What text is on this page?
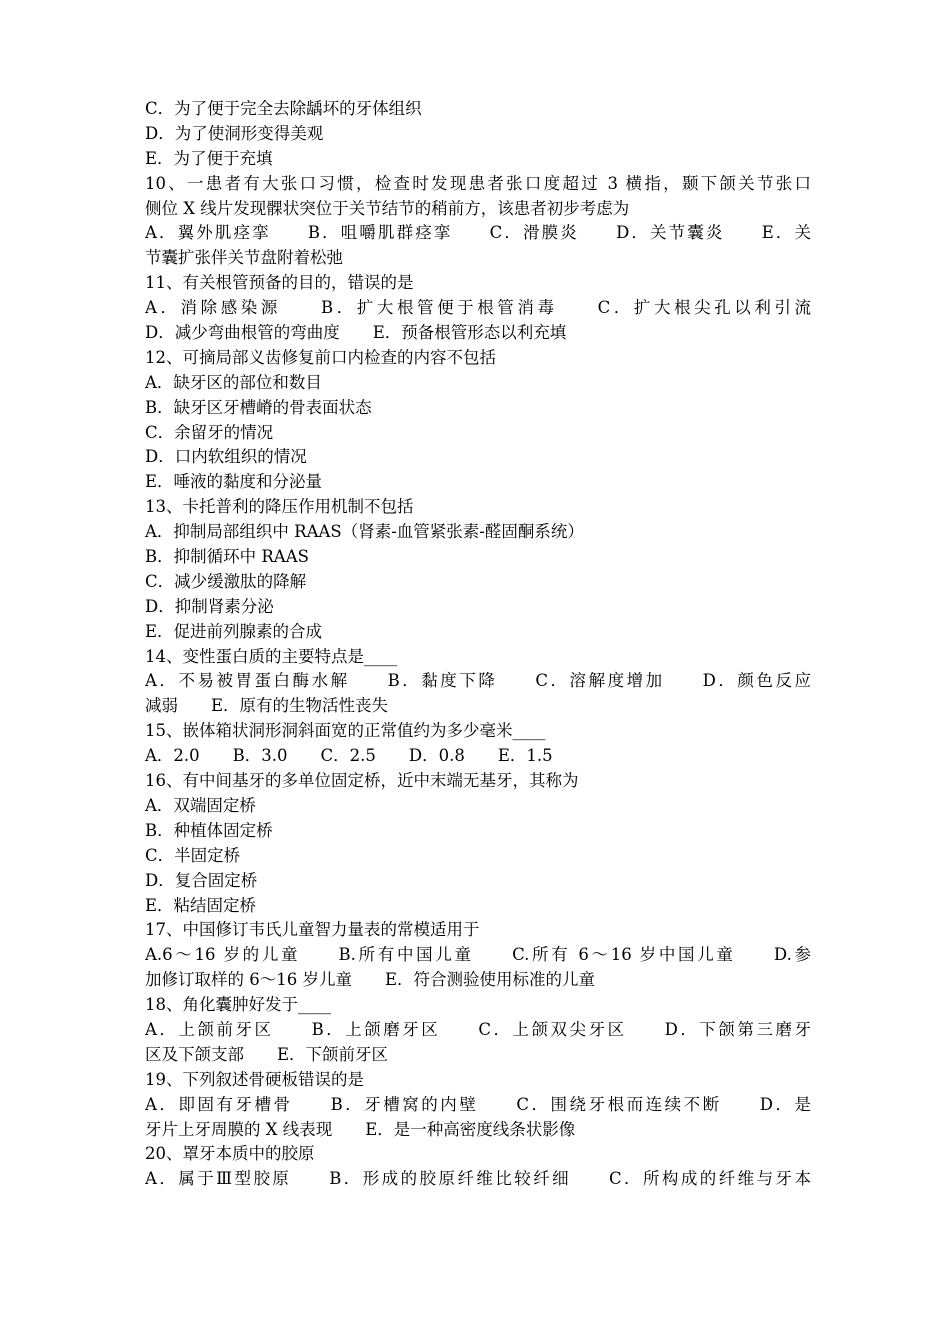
C．为了便于完全去除龋坏的牙体组织
D．为了使洞形变得美观
E．为了便于充填
10、一患者有大张口习惯，检查时发现患者张口度超过 3 横指，颞下颌关节张口
侧位 X 线片发现髁状突位于关节结节的稍前方，该患者初步考虑为
A．翼外肌痉挛　　B．咀嚼肌群痉挛　　C．滑膜炎　　D．关节囊炎　　E．关
节囊扩张伴关节盘附着松弛
11、有关根管预备的目的，错误的是
A．消除感染源　　B．扩大根管便于根管消毒　　C．扩大根尖孔以利引流
D．减少弯曲根管的弯曲度　　E．预备根管形态以利充填
12、可摘局部义齿修复前口内检查的内容不包括
A．缺牙区的部位和数目
B．缺牙区牙槽嵴的骨表面状态
C．余留牙的情况
D．口内软组织的情况
E．唾液的黏度和分泌量
13、卡托普利的降压作用机制不包括
A．抑制局部组织中 RAAS（肾素-血管紧张素-醛固酮系统）
B．抑制循环中 RAAS
C．减少缓激肽的降解
D．抑制肾素分泌
E．促进前列腺素的合成
14、变性蛋白质的主要特点是____
A．不易被胃蛋白酶水解　　B．黏度下降　　C．溶解度增加　　D．颜色反应
减弱　　E．原有的生物活性丧失
15、嵌体箱状洞形洞斜面宽的正常值约为多少毫米____
A．2.0　　B．3.0　　C．2.5　　D．0.8　　E．1.5
16、有中间基牙的多单位固定桥，近中末端无基牙，其称为
A．双端固定桥
B．种植体固定桥
C．半固定桥
D．复合固定桥
E．粘结固定桥
17、中国修订韦氏儿童智力量表的常模适用于
A.6～16 岁的儿童　　B.所有中国儿童　　C.所有 6～16 岁中国儿童　　D.参
加修订取样的 6～16 岁儿童　　E．符合测验使用标准的儿童
18、角化囊肿好发于____
A．上颌前牙区　　B．上颌磨牙区　　C．上颌双尖牙区　　D．下颌第三磨牙
区及下颌支部　　E．下颌前牙区
19、下列叙述骨硬板错误的是
A．即固有牙槽骨　　B．牙槽窝的内壁　　C．围绕牙根而连续不断　　D．是
牙片上牙周膜的 X 线表现　　E．是一种高密度线条状影像
20、罩牙本质中的胶原
A．属于Ⅲ型胶原　　B．形成的胶原纤维比较纤细　　C．所构成的纤维与牙本
